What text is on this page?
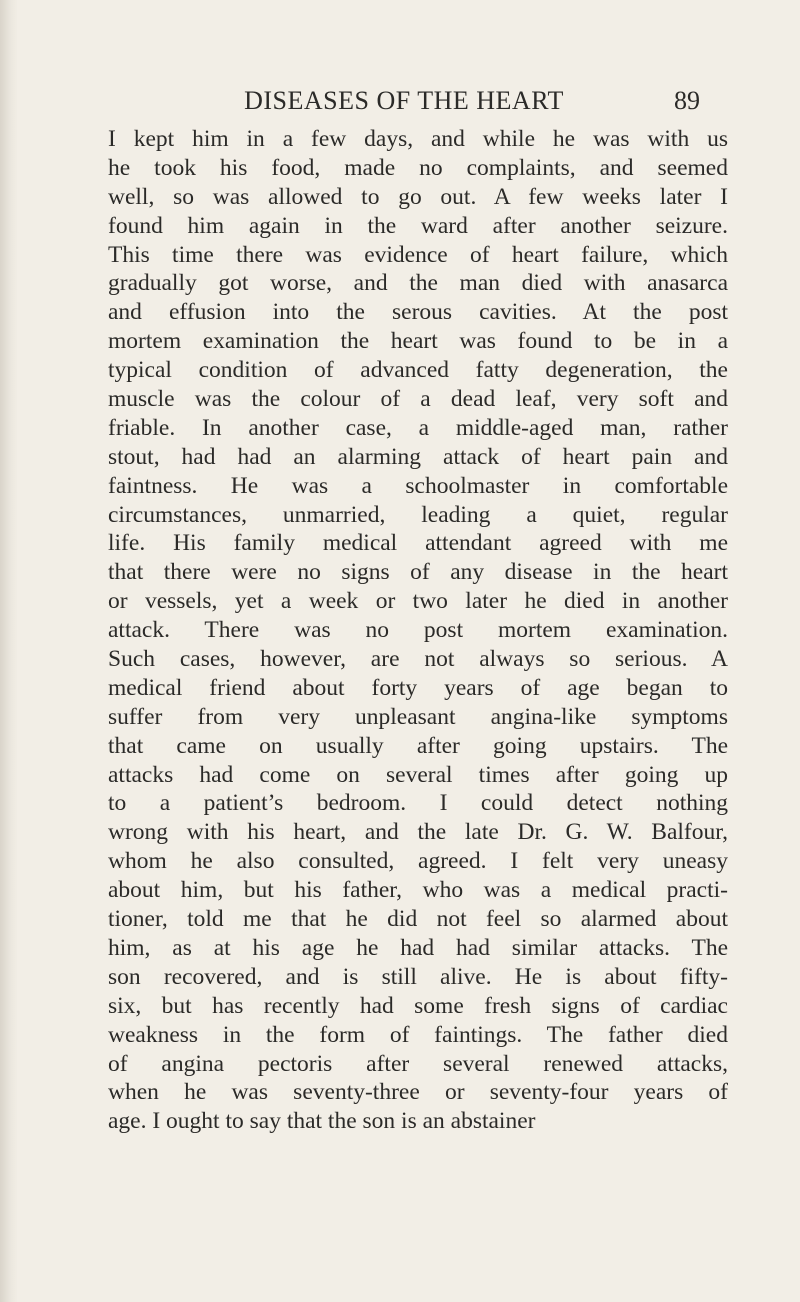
DISEASES OF THE HEART	89
I kept him in a few days, and while he was with us
he took his food, made no complaints, and seemed
well, so was allowed to go out. A few weeks later I
found him again in the ward after another seizure.
This time there was evidence of heart failure, which
gradually got worse, and the man died with anasarca
and effusion into the serous cavities. At the post
mortem examination the heart was found to be in a
typical condition of advanced fatty degeneration, the
muscle was the colour of a dead leaf, very soft and
friable. In another case, a middle-aged man, rather
stout, had had an alarming attack of heart pain and
faintness. He was a schoolmaster in comfortable
circumstances, unmarried, leading a quiet, regular
life. His family medical attendant agreed with me
that there were no signs of any disease in the heart
or vessels, yet a week or two later he died in another
attack. There was no post mortem examination.
Such cases, however, are not always so serious. A
medical friend about forty years of age began to
suffer from very unpleasant angina-like symptoms
that came on usually after going upstairs. The
attacks had come on several times after going up
to a patient’s bedroom. I could detect nothing
wrong with his heart, and the late Dr. G. W. Balfour,
whom he also consulted, agreed. I felt very uneasy
about him, but his father, who was a medical practi-
tioner, told me that he did not feel so alarmed about
him, as at his age he had had similar attacks. The
son recovered, and is still alive. He is about fifty-
six, but has recently had some fresh signs of cardiac
weakness in the form of faintings. The father died
of angina pectoris after several renewed attacks,
when he was seventy-three or seventy-four years of
age. I ought to say that the son is an abstainer
